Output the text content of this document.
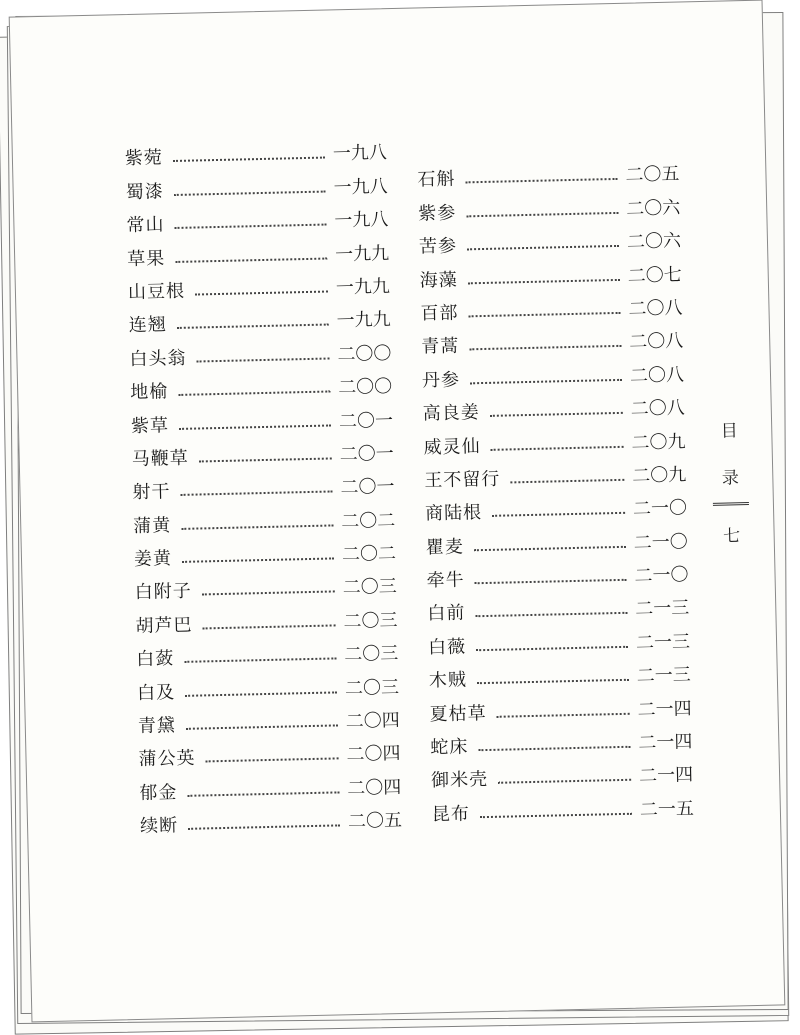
紫菀	一九八
蜀漆	一九八
常山	一九八
草果	一九九
山豆根	一九九
连翘	一九九
白头翁	二〇〇
地榆	二〇〇
紫草	二〇一
马鞭草	二〇一
射干	二〇一
蒲黄	二〇二
姜黄	二〇二
白附子	二〇三
胡芦巴	二〇三
白蔹	二〇三
白及	二〇三
青黛	二〇四
蒲公英	二〇四
郁金	二〇四
续断	二〇五
石斛	二〇五
紫参	二〇六
苦参	二〇六
海藻	二〇七
百部	二〇八
青蒿	二〇八
丹参	二〇八
高良姜	二〇八
威灵仙	二〇九
王不留行	二〇九
商陆根	二一〇
瞿麦	二一〇
牵牛	二一〇
白前	二一三
白薇	二一三
木贼	二一三
夏枯草	二一四
蛇床	二一四
御米壳	二一四
昆布	二一五
目
录
七
